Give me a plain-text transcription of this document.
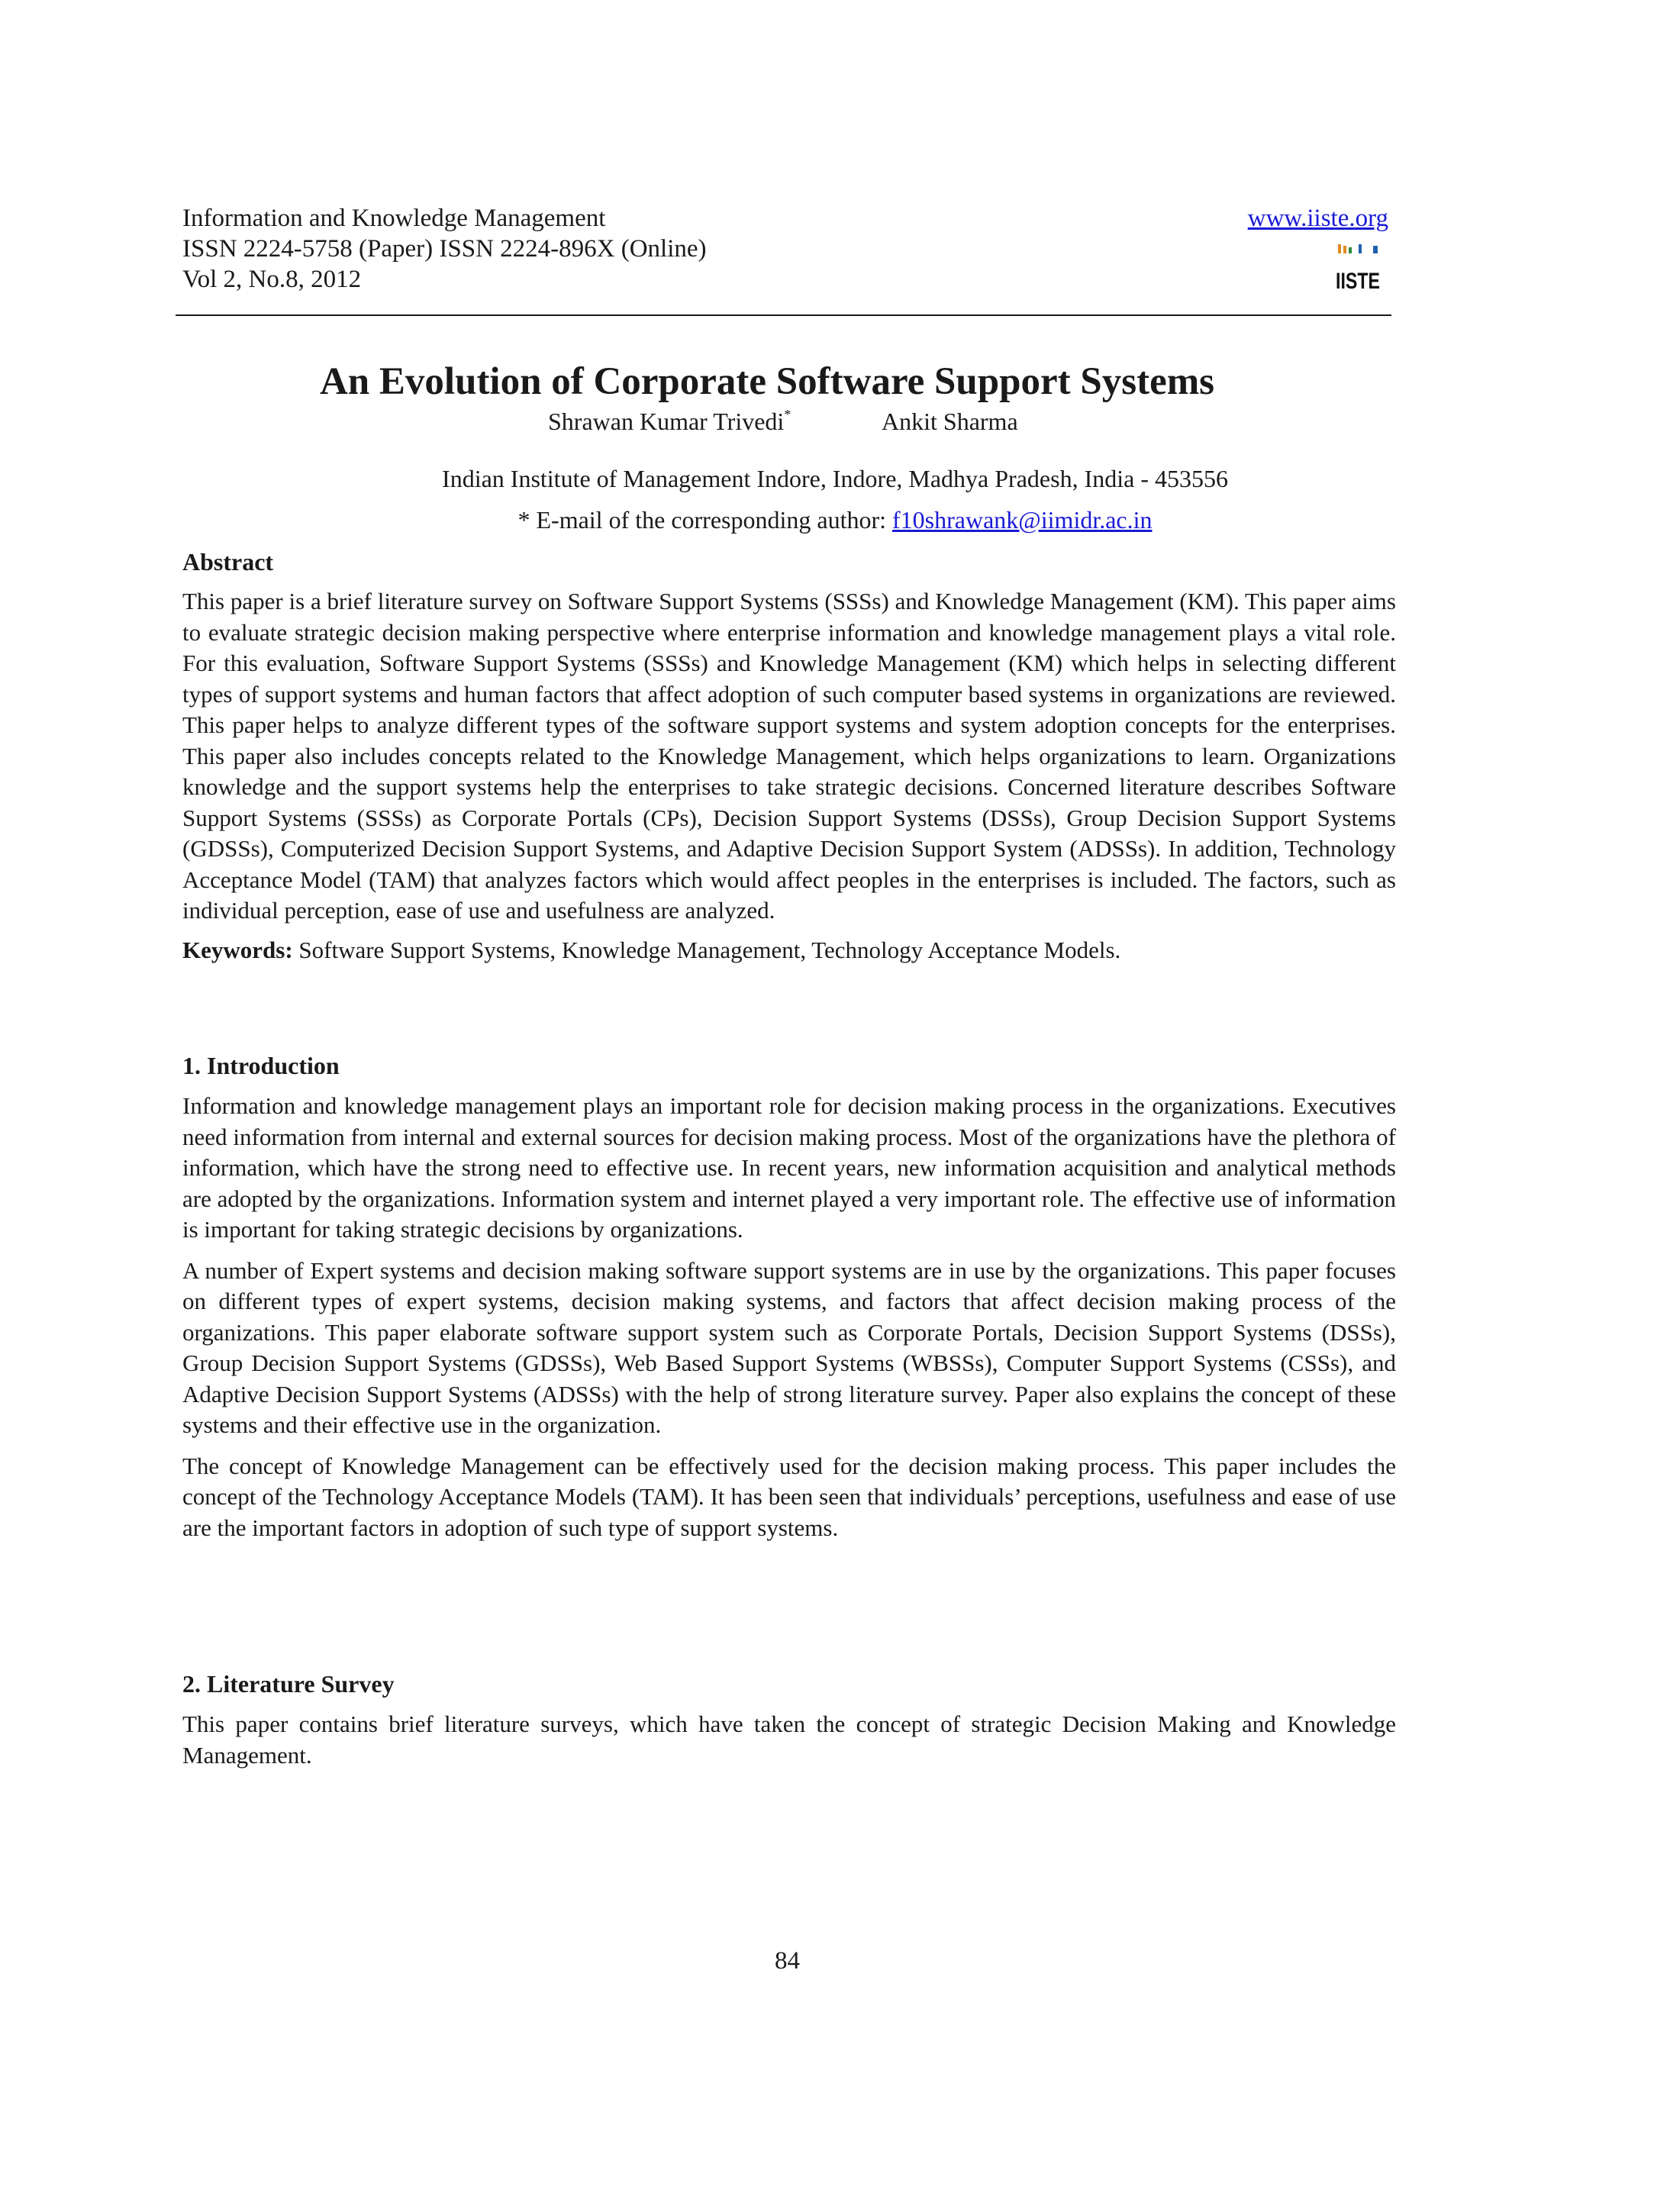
Information and Knowledge Management
ISSN 2224-5758 (Paper) ISSN 2224-896X (Online)
Vol 2, No.8, 2012
www.iiste.org
IISTE
An Evolution of Corporate Software Support Systems
Shrawan Kumar Trivedi*	Ankit Sharma
Indian Institute of Management Indore, Indore, Madhya Pradesh, India - 453556
* E-mail of the corresponding author: f10shrawank@iimidr.ac.in
Abstract

This paper is a brief literature survey on Software Support Systems (SSSs) and Knowledge Management (KM). This paper aims to evaluate strategic decision making perspective where enterprise information and knowledge management plays a vital role. For this evaluation, Software Support Systems (SSSs) and Knowledge Management (KM) which helps in selecting different types of support systems and human factors that affect adoption of such computer based systems in organizations are reviewed. This paper helps to analyze different types of the software support systems and system adoption concepts for the enterprises. This paper also includes concepts related to the Knowledge Management, which helps organizations to learn. Organizations knowledge and the support systems help the enterprises to take strategic decisions. Concerned literature describes Software Support Systems (SSSs) as Corporate Portals (CPs), Decision Support Systems (DSSs), Group Decision Support Systems (GDSSs), Computerized Decision Support Systems, and Adaptive Decision Support System (ADSSs). In addition, Technology Acceptance Model (TAM) that analyzes factors which would affect peoples in the enterprises is included. The factors, such as individual perception, ease of use and usefulness are analyzed.

Keywords: Software Support Systems, Knowledge Management, Technology Acceptance Models.

1. Introduction

Information and knowledge management plays an important role for decision making process in the organizations. Executives need information from internal and external sources for decision making process. Most of the organizations have the plethora of information, which have the strong need to effective use. In recent years, new information acquisition and analytical methods are adopted by the organizations. Information system and internet played a very important role. The effective use of information is important for taking strategic decisions by organizations.

A number of Expert systems and decision making software support systems are in use by the organizations. This paper focuses on different types of expert systems, decision making systems, and factors that affect decision making process of the organizations. This paper elaborate software support system such as Corporate Portals, Decision Support Systems (DSSs), Group Decision Support Systems (GDSSs), Web Based Support Systems (WBSSs), Computer Support Systems (CSSs), and Adaptive Decision Support Systems (ADSSs) with the help of strong literature survey. Paper also explains the concept of these systems and their effective use in the organization.

The concept of Knowledge Management can be effectively used for the decision making process. This paper includes the concept of the Technology Acceptance Models (TAM). It has been seen that individuals’ perceptions, usefulness and ease of use are the important factors in adoption of such type of support systems.

2. Literature Survey

This paper contains brief literature surveys, which have taken the concept of strategic Decision Making and Knowledge Management.

84
